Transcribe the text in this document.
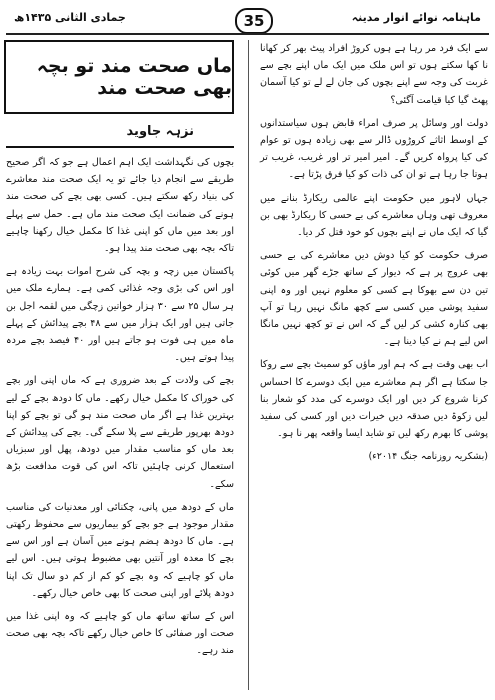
جمادی الثانی ۱۴۳۵ھ	35	ماہنامہ نوائے انوار مدینہ

سے ایک فرد مر رہا ہے ہوں کروڑ افراد پیٹ بھر کر کھانا نا کھا سکتے ہوں تو اس ملک میں ایک ماں اپنے بچے سے غربت کی وجہ سے اپنے بچوں کی جان لے لے تو کیا آسمان پھٹ گیا کیا قیامت آگئی؟

دولت اور وسائل پر صرف امراء قابض ہوں سیاستدانوں کے اوسط اثاثے کروڑوں ڈالر سے بھی زیادہ ہوں تو عوام کی کیا پرواہ کریں گے۔ امیر امیر تر اور غریب، غریب تر ہوتا جا رہا ہے تو ان کی ذات کو کیا فرق پڑتا ہے۔

جہاں لاہور میں حکومت اپنے عالمی ریکارڈ بنانے میں معروف تھی وہاں معاشرے کی بے حسی کا ریکارڈ بھی بن گیا کہ ایک ماں نے اپنے بچوں کو خود قتل کر دیا۔

صرف حکومت کو کیا دوش دیں معاشرے کی بے حسی بھی عروج پر ہے کہ دیوار کے ساتھ جڑے گھر میں کوئی تین دن سے بھوکا ہے کسی کو معلوم نہیں اور وہ اپنی سفید پوشی میں کسی سے کچھ مانگ نہیں رہا تو آپ بھی کنارہ کشی کر لیں گے کہ اس نے تو کچھ نہیں مانگا اس لیے ہم نے کیا دینا ہے۔

اب بھی وقت ہے کہ ہم اور ماؤں کو سمیٹ بچے سے روکا جا سکتا ہے اگر ہم معاشرے میں ایک دوسرے کا احساس کرنا شروع کر دیں اور ایک دوسرے کی مدد کو شعار بنا لیں زکوۃ دیں صدقہ دیں خیرات دیں اور کسی کی سفید پوشی کا بھرم رکھ لیں تو شاید ایسا واقعہ پھر نا ہو۔

(بشکریہ روزنامہ جنگ ۲۰۱۴ء)
ماں صحت مند تو بچہ بھی صحت مند
نزہہ جاوید

بچوں کی نگہداشت ایک اہم اعمال ہے جو کہ اگر صحیح طریقے سے انجام دیا جائے تو یہ ایک صحت مند معاشرے کی بنیاد رکھ سکتے ہیں۔ کسی بھی بچے کی صحت مند ہونے کی ضمانت ایک صحت مند ماں ہے۔ حمل سے پہلے اور بعد میں ماں کو اپنی غذا کا مکمل خیال رکھنا چاہیے تاکہ بچہ بھی صحت مند پیدا ہو۔

پاکستان میں زچہ و بچہ کی شرح اموات بہت زیادہ ہے اور اس کی بڑی وجہ غذائی کمی ہے۔ ہمارے ملک میں ہر سال ۲۵ سے ۳۰ ہزار خواتین زچگی میں لقمہ اجل بن جاتی ہیں اور ایک ہزار میں سے ۴۸ بچے پیدائش کے پہلے ماہ میں ہی فوت ہو جاتے ہیں اور ۴۰ فیصد بچے مردہ پیدا ہوتے ہیں۔

بچے کی ولادت کے بعد ضروری ہے کہ ماں اپنی اور بچے کی خوراک کا مکمل خیال رکھے۔ ماں کا دودھ بچے کے لیے بہترین غذا ہے اگر ماں صحت مند ہو گی تو بچے کو اپنا دودھ بھرپور طریقے سے پلا سکے گی۔ بچے کی پیدائش کے بعد ماں کو مناسب مقدار میں دودھ، پھل اور سبزیاں استعمال کرنی چاہئیں تاکہ اس کی قوت مدافعت بڑھ سکے۔

ماں کے دودھ میں پانی، چکنائی اور معدنیات کی مناسب مقدار موجود ہے جو بچے کو بیماریوں سے محفوظ رکھتی ہے۔ ماں کا دودھ ہضم ہونے میں آسان ہے اور اس سے بچے کا معدہ اور آنتیں بھی مضبوط ہوتی ہیں۔ اس لیے ماں کو چاہیے کہ وہ بچے کو کم از کم دو سال تک اپنا دودھ پلائے اور اپنی صحت کا بھی خاص خیال رکھے۔

اس کے ساتھ ساتھ ماں کو چاہیے کہ وہ اپنی غذا میں صحت اور صفائی کا خاص خیال رکھے تاکہ بچہ بھی صحت مند رہے۔
